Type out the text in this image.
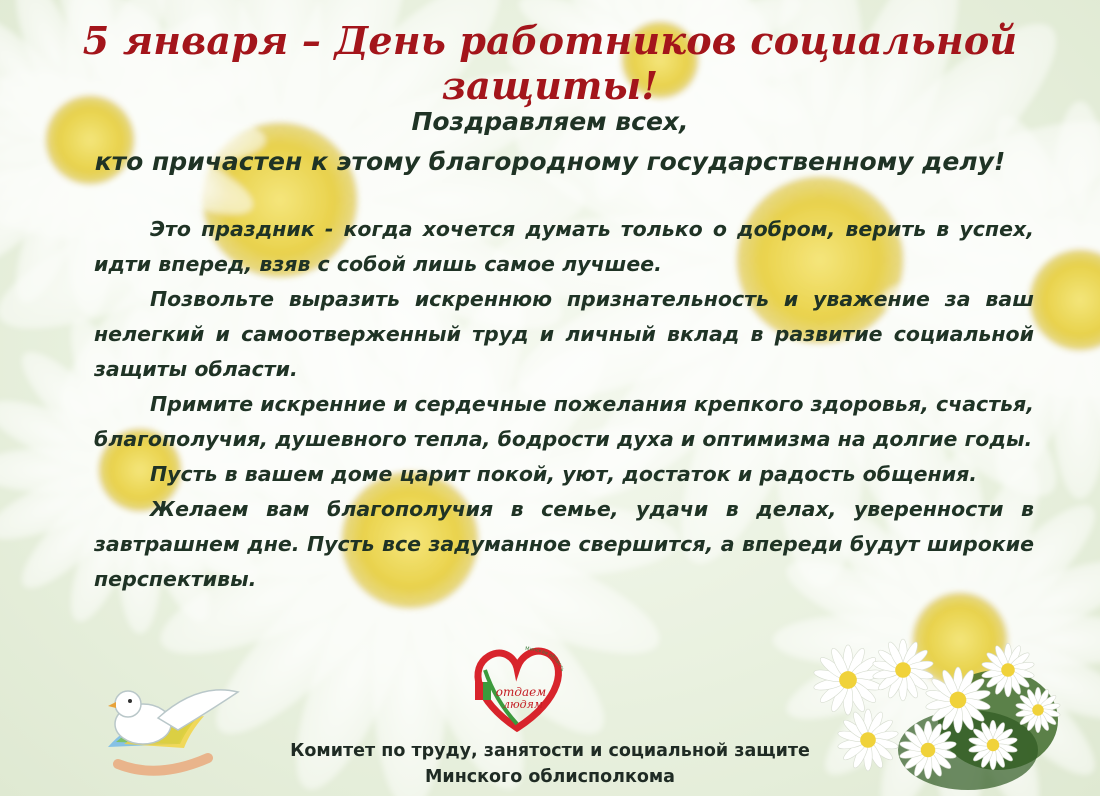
отдаем
людям
Минская область
5 января – День работников социальной защиты!
Поздравляем всех,
кто причастен к этому благородному государственному делу!

Это праздник - когда хочется думать только о добром, верить в успех, идти вперед, взяв с собой лишь самое лучшее.

Позвольте выразить искреннюю признательность и уважение за ваш нелегкий и самоотверженный труд и личный вклад в развитие социальной защиты области.

Примите искренние и сердечные пожелания крепкого здоровья, счастья, благополучия, душевного тепла, бодрости духа и оптимизма на долгие годы.

Пусть в вашем доме царит покой, уют, достаток и радость общения.

Желаем вам благополучия в семье, удачи в делах, уверенности в завтрашнем дне. Пусть все задуманное свершится, а впереди будут широкие перспективы.

Комитет по труду, занятости и социальной защите
Минского облисполкома
